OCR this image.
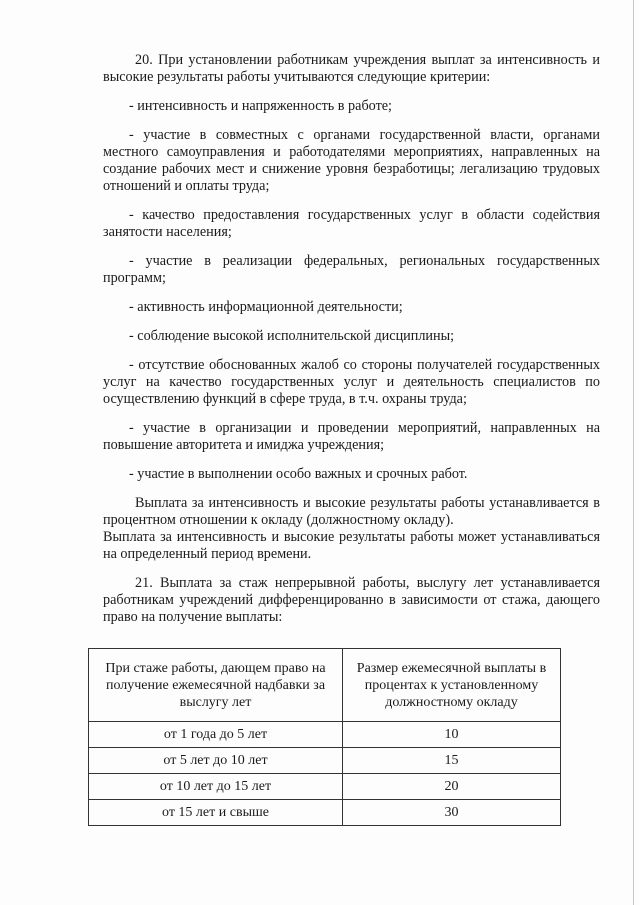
20. При установлении работникам учреждения выплат за интенсивность и высокие результаты работы учитываются следующие критерии:

- интенсивность и напряженность в работе;

- участие в совместных с органами государственной власти, органами местного самоуправления и работодателями мероприятиях, направленных на создание рабочих мест и снижение уровня безработицы; легализацию трудовых отношений и оплаты труда;

- качество предоставления государственных услуг в области содействия занятости населения;

- участие в реализации федеральных, региональных государственных программ;

- активность информационной деятельности;

- соблюдение высокой исполнительской дисциплины;

- отсутствие обоснованных жалоб со стороны получателей государственных услуг на качество государственных услуг и деятельность специалистов по осуществлению функций в сфере труда, в т.ч. охраны труда;

- участие в организации и проведении мероприятий, направленных на повышение авторитета и имиджа учреждения;

- участие в выполнении особо важных и срочных работ.

Выплата за интенсивность и высокие результаты работы устанавливается в процентном отношении к окладу (должностному окладу).

Выплата за интенсивность и высокие результаты работы может устанавливаться на определенный период времени.

21. Выплата за стаж непрерывной работы, выслугу лет устанавливается работникам учреждений дифференцированно в зависимости от стажа, дающего право на получение выплаты:

При стаже работы, дающем право на получение ежемесячной надбавки за выслугу лет	Размер ежемесячной выплаты в процентах к установленному должностному окладу
от 1 года до 5 лет	10
от 5 лет до 10 лет	15
от 10 лет до 15 лет	20
от 15 лет и свыше	30
